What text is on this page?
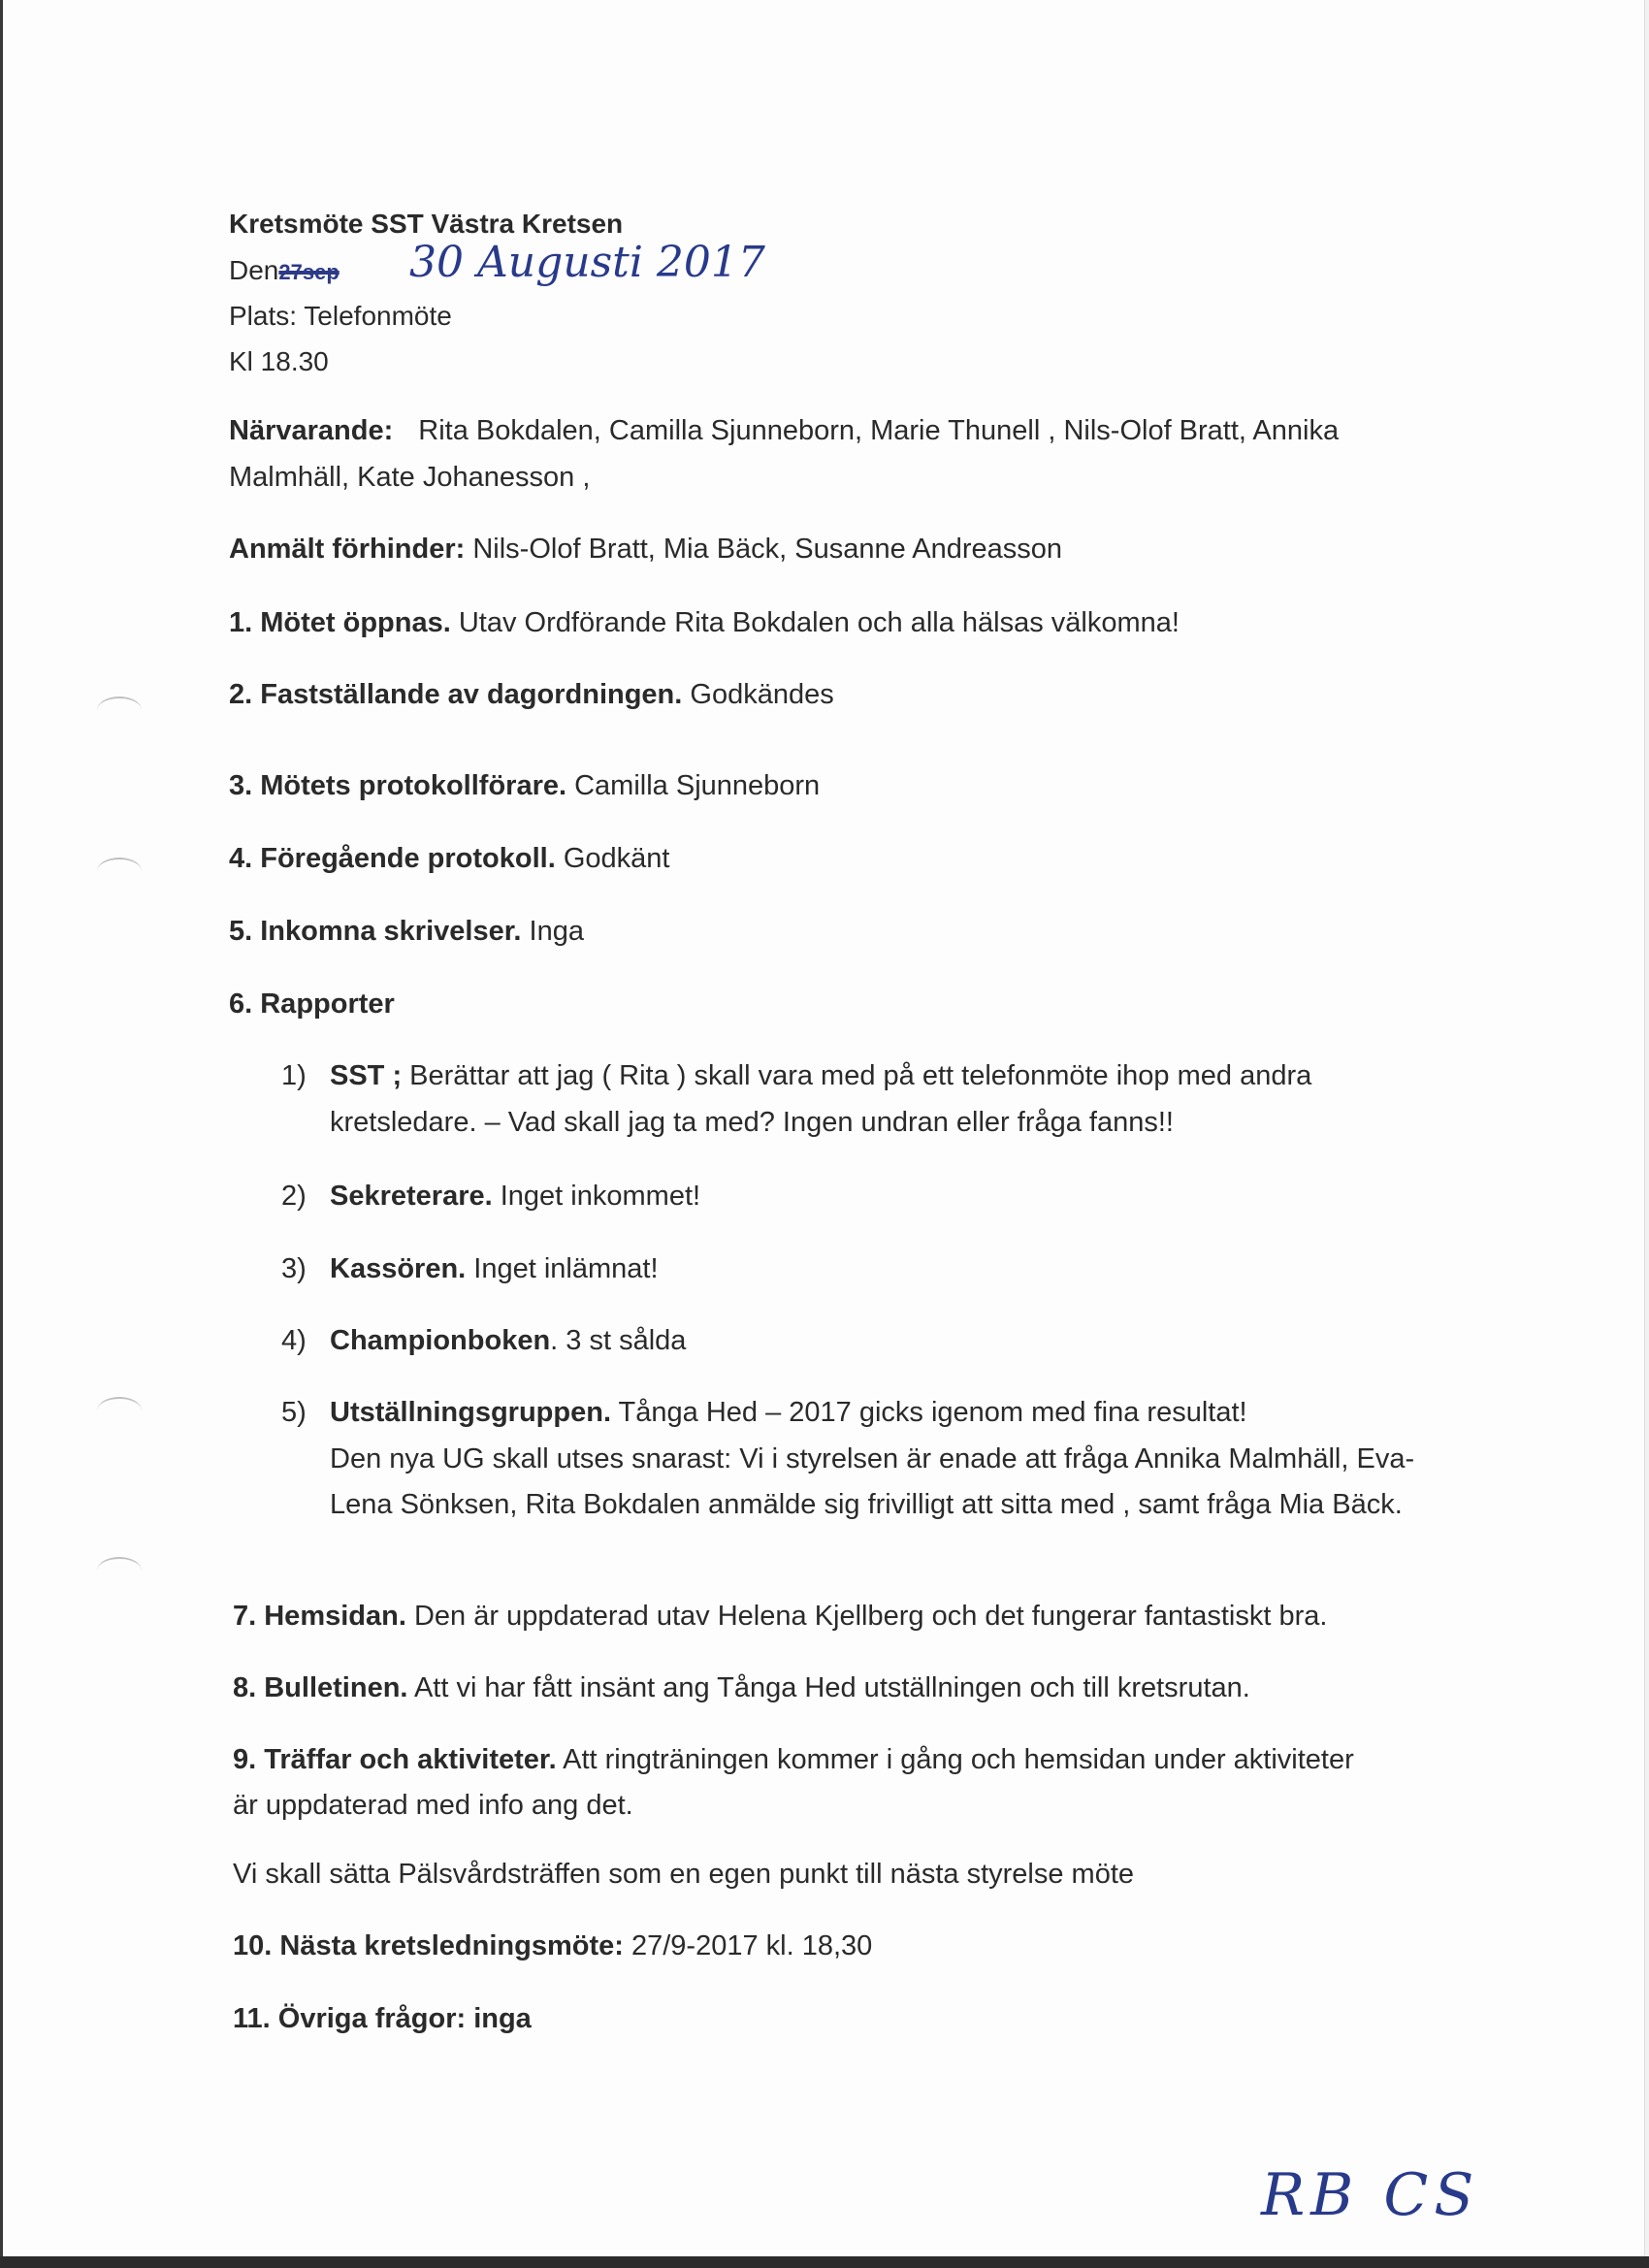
Kretsmöte SST Västra Kretsen
Den27sep 30 Augusti 2017
Plats: Telefonmöte
Kl 18.30
Närvarande: Rita Bokdalen, Camilla Sjunneborn, Marie Thunell , Nils-Olof Bratt, Annika
Malmhäll, Kate Johanesson ,
Anmält förhinder: Nils-Olof Bratt, Mia Bäck, Susanne Andreasson
1. Mötet öppnas. Utav Ordförande Rita Bokdalen och alla hälsas välkomna!
2. Fastställande av dagordningen. Godkändes
3. Mötets protokollförare. Camilla Sjunneborn
4. Föregående protokoll. Godkänt
5. Inkomna skrivelser. Inga
6. Rapporter
1) SST ; Berättar att jag ( Rita ) skall vara med på ett telefonmöte ihop med andra
kretsledare. – Vad skall jag ta med? Ingen undran eller fråga fanns!!
2) Sekreterare. Inget inkommet!
3) Kassören. Inget inlämnat!
4) Championboken. 3 st sålda
5) Utställningsgruppen. Tånga Hed – 2017 gicks igenom med fina resultat!
Den nya UG skall utses snarast: Vi i styrelsen är enade att fråga Annika Malmhäll, Eva-
Lena Sönksen, Rita Bokdalen anmälde sig frivilligt att sitta med , samt fråga Mia Bäck.
7. Hemsidan. Den är uppdaterad utav Helena Kjellberg och det fungerar fantastiskt bra.
8. Bulletinen. Att vi har fått insänt ang Tånga Hed utställningen och till kretsrutan.
9. Träffar och aktiviteter. Att ringträningen kommer i gång och hemsidan under aktiviteter
är uppdaterad med info ang det.
Vi skall sätta Pälsvårdsträffen som en egen punkt till nästa styrelse möte
10. Nästa kretsledningsmöte: 27/9-2017 kl. 18,30
11. Övriga frågor: inga
RB CS
